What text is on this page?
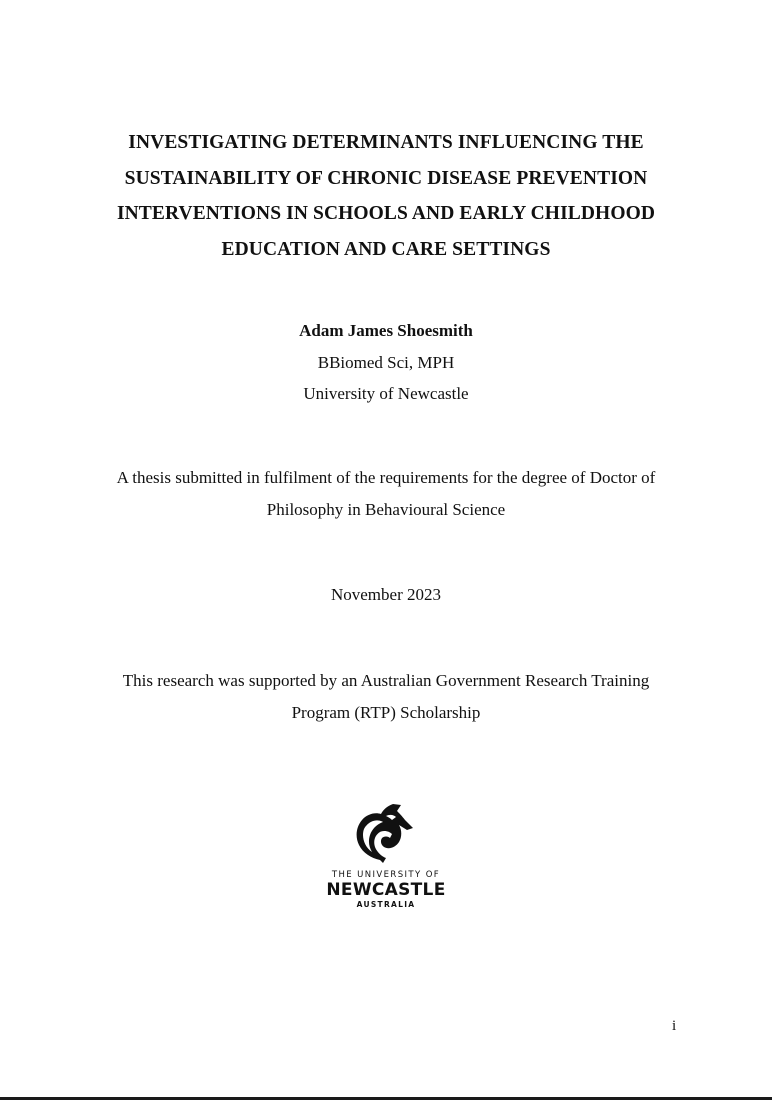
INVESTIGATING DETERMINANTS INFLUENCING THE
SUSTAINABILITY OF CHRONIC DISEASE PREVENTION
INTERVENTIONS IN SCHOOLS AND EARLY CHILDHOOD
EDUCATION AND CARE SETTINGS
Adam James Shoesmith
BBiomed Sci, MPH
University of Newcastle
A thesis submitted in fulfilment of the requirements for the degree of Doctor of
Philosophy in Behavioural Science
November 2023
This research was supported by an Australian Government Research Training
Program (RTP) Scholarship
THE UNIVERSITY OF
NEWCASTLE
AUSTRALIA
i
